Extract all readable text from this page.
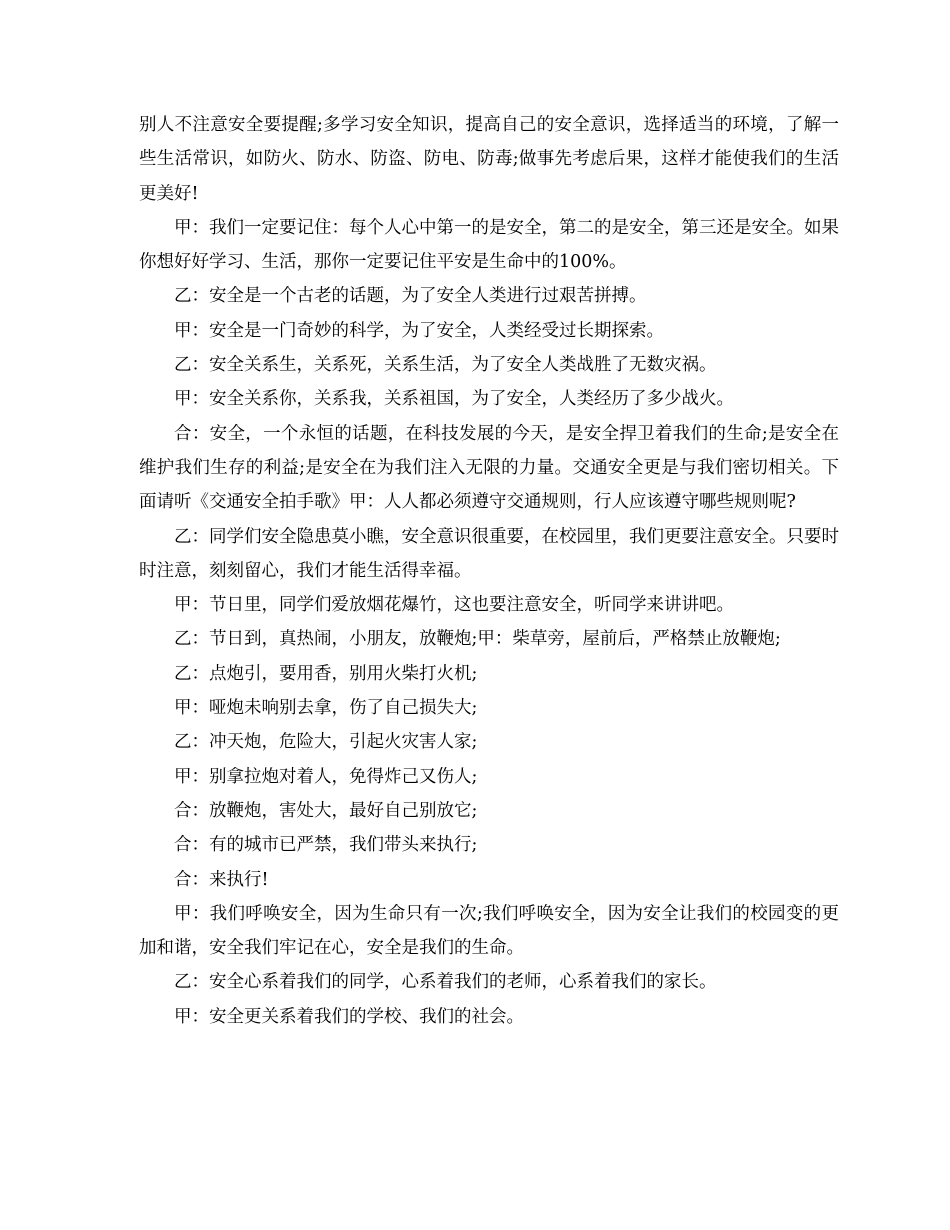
别人不注意安全要提醒;多学习安全知识，提高自己的安全意识，选择适当的环境，了解一些生活常识，如防火、防水、防盗、防电、防毒;做事先考虑后果，这样才能使我们的生活更美好!

甲：我们一定要记住：每个人心中第一的是安全，第二的是安全，第三还是安全。如果你想好好学习、生活，那你一定要记住平安是生命中的100%。

乙：安全是一个古老的话题，为了安全人类进行过艰苦拼搏。

甲：安全是一门奇妙的科学，为了安全，人类经受过长期探索。

乙：安全关系生，关系死，关系生活，为了安全人类战胜了无数灾祸。

甲：安全关系你，关系我，关系祖国，为了安全，人类经历了多少战火。

合：安全，一个永恒的话题，在科技发展的今天，是安全捍卫着我们的生命;是安全在维护我们生存的利益;是安全在为我们注入无限的力量。交通安全更是与我们密切相关。下面请听《交通安全拍手歌》甲：人人都必须遵守交通规则，行人应该遵守哪些规则呢?

乙：同学们安全隐患莫小瞧，安全意识很重要，在校园里，我们更要注意安全。只要时时注意，刻刻留心，我们才能生活得幸福。

甲：节日里，同学们爱放烟花爆竹，这也要注意安全，听同学来讲讲吧。

乙：节日到，真热闹，小朋友，放鞭炮;甲：柴草旁，屋前后，严格禁止放鞭炮;

乙：点炮引，要用香，别用火柴打火机;

甲：哑炮未响别去拿，伤了自己损失大;

乙：冲天炮，危险大，引起火灾害人家;

甲：别拿拉炮对着人，免得炸己又伤人;

合：放鞭炮，害处大，最好自己别放它;

合：有的城市已严禁，我们带头来执行;

合：来执行!

甲：我们呼唤安全，因为生命只有一次;我们呼唤安全，因为安全让我们的校园变的更加和谐，安全我们牢记在心，安全是我们的生命。

乙：安全心系着我们的同学，心系着我们的老师，心系着我们的家长。

甲：安全更关系着我们的学校、我们的社会。
